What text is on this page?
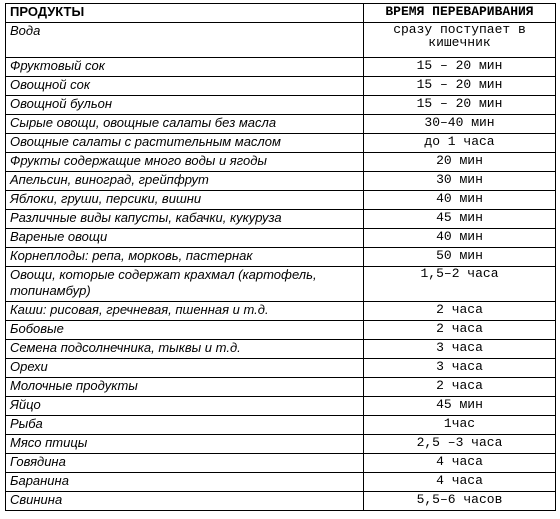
ПРОДУКТЫ	ВРЕМЯ ПЕРЕВАРИВАНИЯ
Вода	сразу поступает в кишечник
Фруктовый сок	15 – 20 мин
Овощной сок	15 – 20 мин
Овощной бульон	15 – 20 мин
Сырые овощи, овощные салаты без масла	30–40 мин
Овощные салаты с растительным маслом	до 1 часа
Фрукты содержащие много воды и ягоды	20 мин
Апельсин, виноград, грейпфрут	30 мин
Яблоки, груши, персики, вишни	40 мин
Различные виды капусты, кабачки, кукуруза	45 мин
Вареные овощи	40 мин
Корнеплоды: репа, морковь, пастернак	50 мин
Овощи, которые содержат крахмал (картофель, топинамбур)	1,5–2 часа
Каши: рисовая, гречневая, пшенная и т.д.	2 часа
Бобовые	2 часа
Семена подсолнечника, тыквы и т.д.	3 часа
Орехи	3 часа
Молочные продукты	2 часа
Яйцо	45 мин
Рыба	1час
Мясо птицы	2,5 –3 часа
Говядина	4 часа
Баранина	4 часа
Свинина	5,5–6 часов
